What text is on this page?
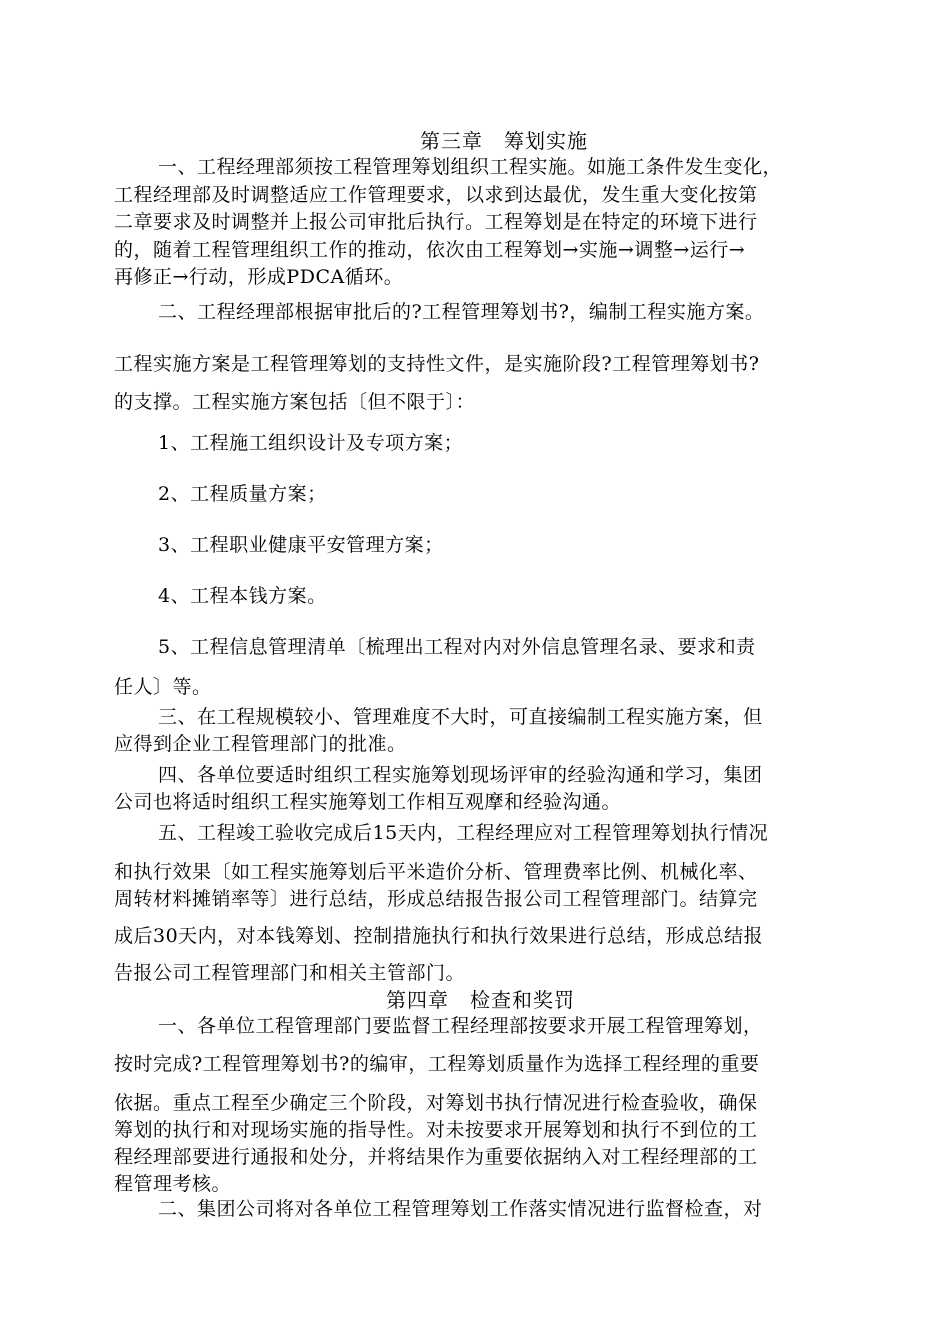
第三章　筹划实施
一、工程经理部须按工程管理筹划组织工程实施。如施工条件发生变化，
工程经理部及时调整适应工作管理要求，以求到达最优，发生重大变化按第
二章要求及时调整并上报公司审批后执行。工程筹划是在特定的环境下进行
的，随着工程管理组织工作的推动，依次由工程筹划→实施→调整→运行→
再修正→行动，形成PDCA循环。
二、工程经理部根据审批后的?工程管理筹划书?，编制工程实施方案。
工程实施方案是工程管理筹划的支持性文件，是实施阶段?工程管理筹划书?
的支撑。工程实施方案包括〔但不限于〕：
1、工程施工组织设计及专项方案；
2、工程质量方案；
3、工程职业健康平安管理方案；
4、工程本钱方案。
5、工程信息管理清单〔梳理出工程对内对外信息管理名录、要求和责
任人〕等。
三、在工程规模较小、管理难度不大时，可直接编制工程实施方案，但
应得到企业工程管理部门的批准。
四、各单位要适时组织工程实施筹划现场评审的经验沟通和学习，集团
公司也将适时组织工程实施筹划工作相互观摩和经验沟通。
五、工程竣工验收完成后15天内，工程经理应对工程管理筹划执行情况
和执行效果〔如工程实施筹划后平米造价分析、管理费率比例、机械化率、
周转材料摊销率等〕进行总结，形成总结报告报公司工程管理部门。结算完
成后30天内，对本钱筹划、控制措施执行和执行效果进行总结，形成总结报
告报公司工程管理部门和相关主管部门。
第四章　检查和奖罚
一、各单位工程管理部门要监督工程经理部按要求开展工程管理筹划，
按时完成?工程管理筹划书?的编审，工程筹划质量作为选择工程经理的重要
依据。重点工程至少确定三个阶段，对筹划书执行情况进行检查验收，确保
筹划的执行和对现场实施的指导性。对未按要求开展筹划和执行不到位的工
程经理部要进行通报和处分，并将结果作为重要依据纳入对工程经理部的工
程管理考核。
二、集团公司将对各单位工程管理筹划工作落实情况进行监督检查，对
